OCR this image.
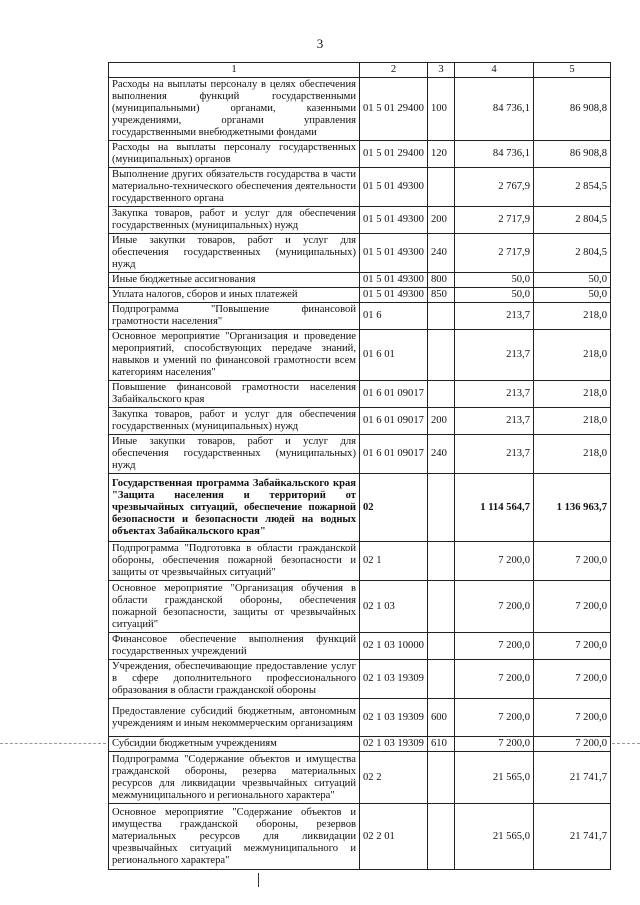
3
1	2	3	4	5
Расходы на выплаты персоналу в целях обеспечения выполнения функций государственными (муниципальными) органами, казенными учреждениями, органами управления государственными внебюджетными фондами	01 5 01 29400	100	84 736,1	86 908,8
Расходы на выплаты персоналу государственных (муниципальных) органов	01 5 01 29400	120	84 736,1	86 908,8
Выполнение других обязательств государства в части материально-технического обеспечения деятельности государственного органа	01 5 01 49300		2 767,9	2 854,5
Закупка товаров, работ и услуг для обеспечения государственных (муниципальных) нужд	01 5 01 49300	200	2 717,9	2 804,5
Иные закупки товаров, работ и услуг для обеспечения государственных (муниципальных) нужд	01 5 01 49300	240	2 717,9	2 804,5
Иные бюджетные ассигнования	01 5 01 49300	800	50,0	50,0
Уплата налогов, сборов и иных платежей	01 5 01 49300	850	50,0	50,0
Подпрограмма "Повышение финансовой грамотности населения"	01 6		213,7	218,0
Основное мероприятие "Организация и проведение мероприятий, способствующих передаче знаний, навыков и умений по финансовой грамотности всем категориям населения"	01 6 01		213,7	218,0
Повышение финансовой грамотности населения Забайкальского края	01 6 01 09017		213,7	218,0
Закупка товаров, работ и услуг для обеспечения государственных (муниципальных) нужд	01 6 01 09017	200	213,7	218,0
Иные закупки товаров, работ и услуг для обеспечения государственных (муниципальных) нужд	01 6 01 09017	240	213,7	218,0
Государственная программа Забайкальского края "Защита населения и территорий от чрезвычайных ситуаций, обеспечение пожарной безопасности и безопасности людей на водных объектах Забайкальского края"	02		1 114 564,7	1 136 963,7
Подпрограмма "Подготовка в области гражданской обороны, обеспечения пожарной безопасности и защиты от чрезвычайных ситуаций"	02 1		7 200,0	7 200,0
Основное мероприятие "Организация обучения в области гражданской обороны, обеспечения пожарной безопасности, защиты от чрезвычайных ситуаций"	02 1 03		7 200,0	7 200,0
Финансовое обеспечение выполнения функций государственных учреждений	02 1 03 10000		7 200,0	7 200,0
Учреждения, обеспечивающие предоставление услуг в сфере дополнительного профессионального образования в области гражданской обороны	02 1 03 19309		7 200,0	7 200,0
Предоставление субсидий бюджетным, автономным учреждениям и иным некоммерческим организациям	02 1 03 19309	600	7 200,0	7 200,0
Субсидии бюджетным учреждениям	02 1 03 19309	610	7 200,0	7 200,0
Подпрограмма "Содержание объектов и имущества гражданской обороны, резерва материальных ресурсов для ликвидации чрезвычайных ситуаций межмуниципального и регионального характера"	02 2		21 565,0	21 741,7
Основное мероприятие "Содержание объектов и имущества гражданской обороны, резервов материальных ресурсов для ликвидации чрезвычайных ситуаций межмуниципального и регионального характера"	02 2 01		21 565,0	21 741,7
